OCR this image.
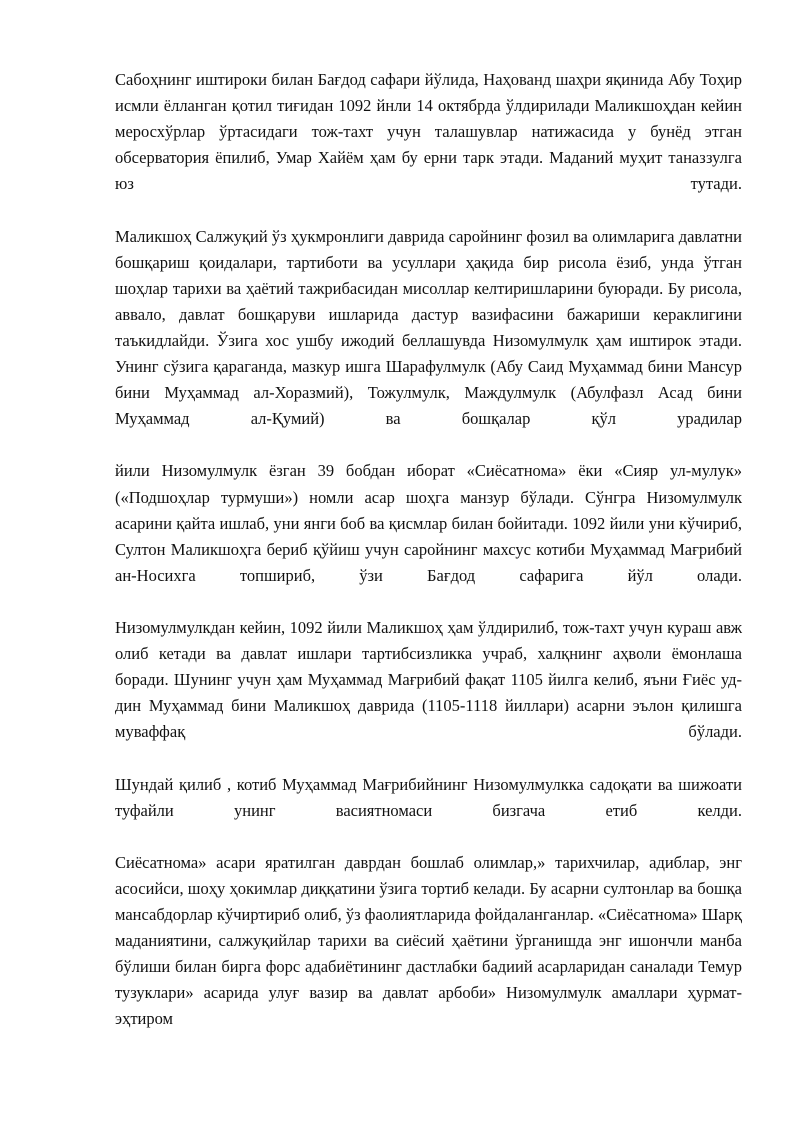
Сабоҳнинг иштироки билан Бағдод сафари йўлида, Наҳованд шаҳри яқинида Абу Тоҳир исмли ёлланган қотил тиғидан 1092 йнли 14 октябрда ўлдирилади Маликшоҳдан кейин меросхўрлар ўртасидаги тож-тахт учун талашувлар натижасида у бунёд этган обсерватория ёпилиб, Умар Хайём ҳам бу ерни тарк этади. Маданий муҳит таназзулга юз тутади.

Маликшоҳ Салжуқий ўз ҳукмронлиги даврида саройнинг фозил ва олимларига давлатни бошқариш қоидалари, тартиботи ва усуллари ҳақида бир рисола ёзиб, унда ўтган шоҳлар тарихи ва ҳаётий тажрибасидан мисоллар келтиришларини буюради. Бу рисола, аввало, давлат бошқаруви ишларида дастур вазифасини бажариши кераклигини таъкидлайди. Ўзига хос ушбу ижодий беллашувда Низомулмулк ҳам иштирок этади. Унинг сўзига қараганда, мазкур ишга Шарафулмулк (Абу Саид Муҳаммад бини Мансур бини Муҳаммад ал-Хоразмий), Тожулмулк, Маждулмулк (Абулфазл Асад бини Муҳаммад ал-Қумий) ва бошқалар қўл урадилар

йили Низомулмулк ёзган 39 бобдан иборат «Сиёсатнома» ёки «Сияр ул-мулук» («Подшоҳлар турмуши») номли асар шоҳга манзур бўлади. Сўнгра Низомулмулк асарини қайта ишлаб, уни янги боб ва қисмлар билан бойитади. 1092 йили уни кўчириб, Султон Маликшоҳга бериб қўйиш учун саройнинг махсус котиби Муҳаммад Мағрибий ан-Носихга топшириб, ўзи Бағдод сафарига йўл олади.

Низомулмулкдан кейин, 1092 йили Маликшоҳ ҳам ўлдирилиб, тож-тахт учун кураш авж олиб кетади ва давлат ишлари тартибсизликка учраб, халқнинг аҳволи ёмонлаша боради. Шунинг учун ҳам Муҳаммад Мағрибий фақат 1105 йилга келиб, яъни Ғиёс уд-дин Муҳаммад бини Маликшоҳ даврида (1105-1118 йиллари) асарни эълон қилишга муваффақ бўлади.

Шундай қилиб , котиб Муҳаммад Мағрибийнинг Низомулмулкка садоқати ва шижоати туфайли унинг васиятномаси бизгача етиб келди.

Сиёсатнома» асари яратилган даврдан бошлаб олимлар,» тарихчилар, адиблар, энг асосийси, шоҳу ҳокимлар диққатини ўзига тортиб келади. Бу асарни султонлар ва бошқа мансабдорлар кўчиртириб олиб, ўз фаолиятларида фойдаланганлар. «Сиёсатнома» Шарқ маданиятини, салжуқийлар тарихи ва сиёсий ҳаётини ўрганишда энг ишончли манба бўлиши билан бирга форс адабиётининг дастлабки бадиий асарларидан саналади Темур тузуклари» асарида улуғ вазир ва давлат арбоби» Низомулмулк амаллари ҳурмат-эҳтиром
